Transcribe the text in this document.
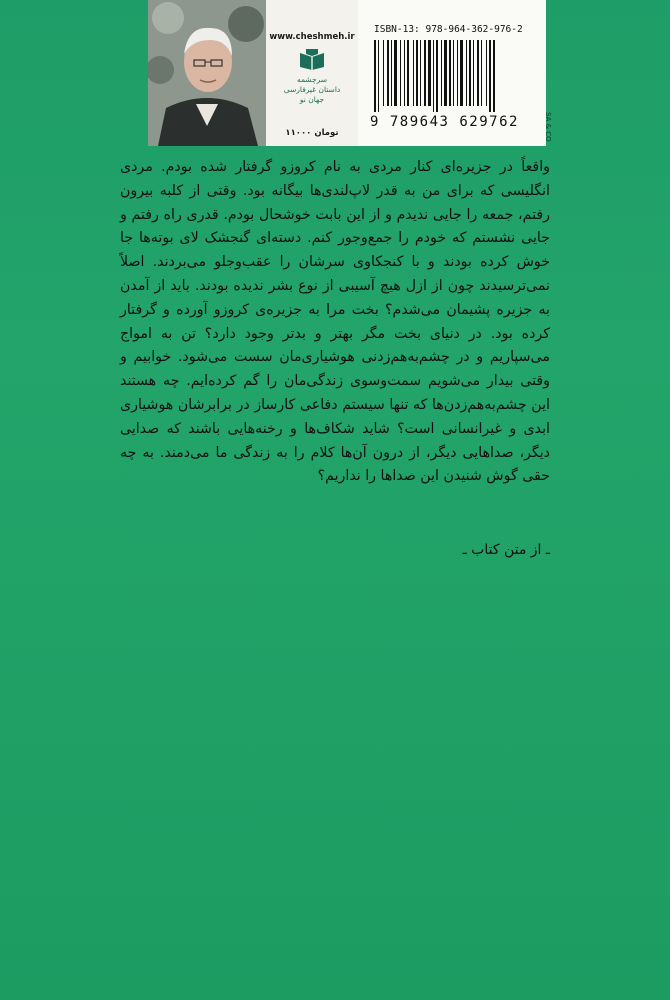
www.cheshmeh.ir
سرچشمه
داستان غیرفارسی
جهان نو
۱۱۰۰۰ تومان
ISBN-13: 978-964-362-976-2
9 789643 629762	SA & CO
واقعاً در جزیره‌ای کنار مردی به نام کروزو گرفتار شده بودم. مردی انگلیسی که برای من به قدر لاپ‌لندی‌ها بیگانه بود. وقتی از کلبه بیرون رفتم، جمعه را جایی ندیدم و از این بابت خوشحال بودم. قدری راه رفتم و جایی نشستم که خودم را جمع‌وجور کنم. دسته‌ای گنجشک لای بوته‌ها جا خوش کرده بودند و با کنجکاوی سرشان را عقب‌وجلو می‌بردند. اصلاً نمی‌ترسیدند چون از ازل هیچ آسیبی از نوع بشر ندیده بودند. باید از آمدن به جزیره پشیمان می‌شدم؟ بخت مرا به جزیره‌ی کروزو آورده و گرفتار کرده بود. در دنیای بخت مگر بهتر و بدتر وجود دارد؟ تن به امواج می‌سپاریم و در چشم‌به‌هم‌زدنی هوشیاری‌مان سست می‌شود. خوابیم و وقتی بیدار می‌شویم سمت‌وسوی زندگی‌مان را گم کرده‌ایم. چه هستند این چشم‌به‌هم‌زدن‌ها که تنها سیستم دفاعی کارساز در برابرشان هوشیاری ابدی و غیرانسانی است؟ شاید شکاف‌ها و رخنه‌هایی باشند که صدایی دیگر، صداهایی دیگر، از درون آن‌ها کلام را به زندگی ما می‌دمند. به چه حقی گوش شنیدن این صداها را نداریم؟
ـ از متن کتاب ـ
